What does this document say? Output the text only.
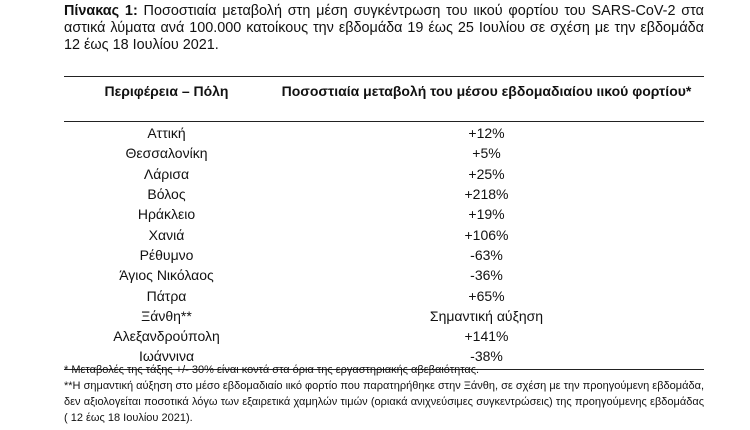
Πίνακας 1: Ποσοστιαία μεταβολή στη μέση συγκέντρωση του ιικού φορτίου του SARS-CoV-2 στα αστικά λύματα ανά 100.000 κατοίκους την εβδομάδα 19 έως 25 Ιουλίου σε σχέση με την εβδομάδα 12 έως 18 Ιουλίου 2021.
Περιφέρεια – Πόλη	Ποσοστιαία μεταβολή του μέσου εβδομαδιαίου ιικού φορτίου*
Αττική	+12%
Θεσσαλονίκη	+5%
Λάρισα	+25%
Βόλος	+218%
Ηράκλειο	+19%
Χανιά	+106%
Ρέθυμνο	-63%
Άγιος Νικόλαος	-36%
Πάτρα	+65%
Ξάνθη**	Σημαντική αύξηση
Αλεξανδρούπολη	+141%
Ιωάννινα	-38%

* Μεταβολές της τάξης +/- 30% είναι κοντά στα όρια της εργαστηριακής αβεβαιότητας.

**Η σημαντική αύξηση στο μέσο εβδομαδιαίο ιικό φορτίο που παρατηρήθηκε στην Ξάνθη, σε σχέση με την προηγούμενη εβδομάδα, δεν αξιολογείται ποσοτικά λόγω των εξαιρετικά χαμηλών τιμών (οριακά ανιχνεύσιμες συγκεντρώσεις) της προηγούμενης εβδομάδας ( 12 έως 18 Ιουλίου 2021).
